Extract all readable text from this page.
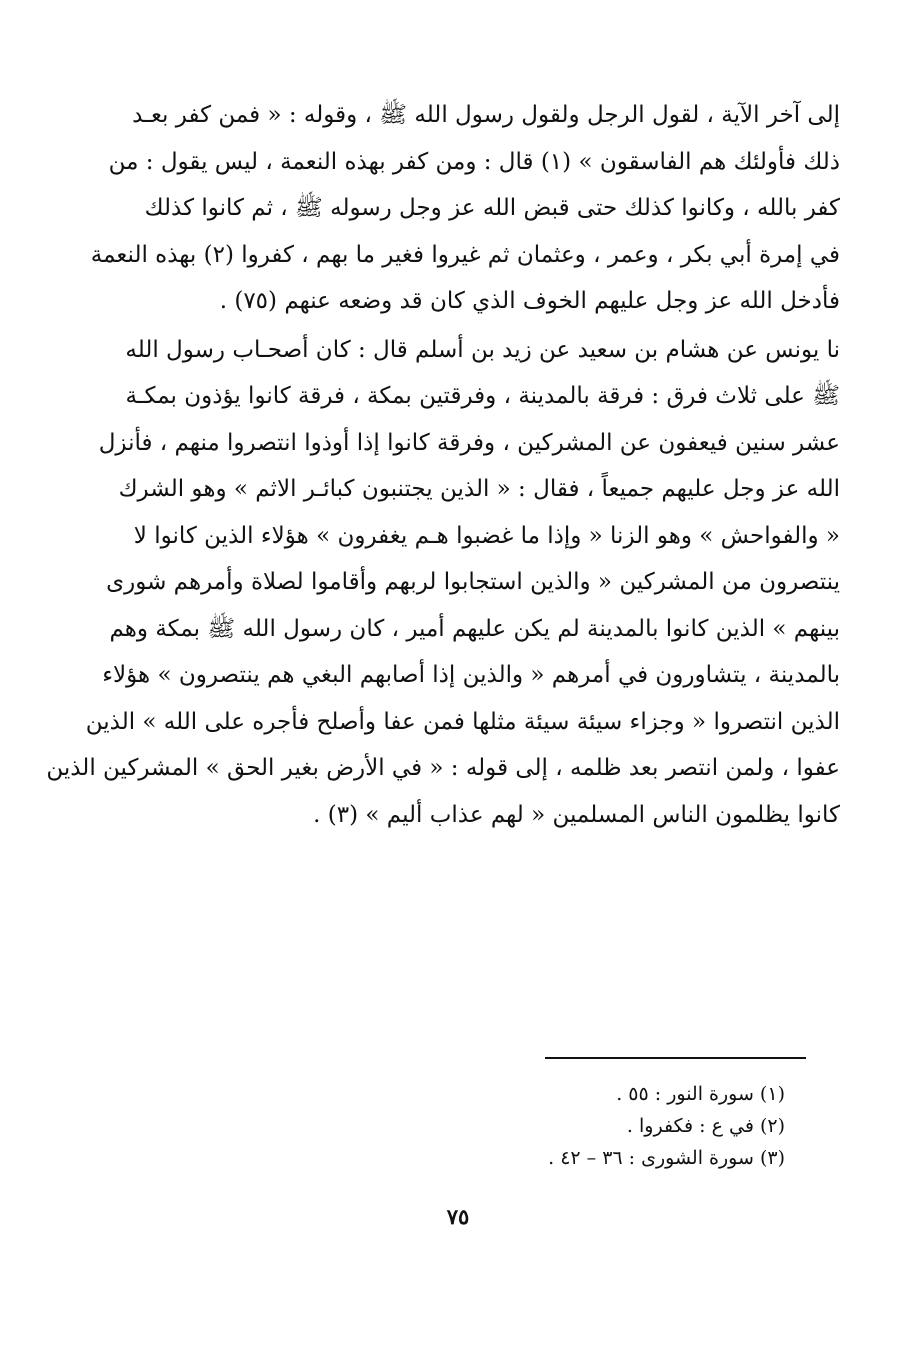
إلى آخر الآية ، لقول الرجل ولقول رسول الله ﷺ ، وقوله : « فمن كفر بعـد
ذلك فأولئك هم الفاسقون » (١) قال : ومن كفر بهذه النعمة ، ليس يقول : من
كفر بالله ، وكانوا كذلك حتى قبض الله عز وجل رسوله ﷺ ، ثم كانوا كذلك
في إمرة أبي بكر ، وعمر ، وعثمان ثم غيروا فغير ما بهم ، كفروا (٢) بهذه النعمة
فأدخل الله عز وجل عليهم الخوف الذي كان قد وضعه عنهم (٧٥) .
نا يونس عن هشام بن سعيد عن زيد بن أسلم قال : كان أصحـاب رسول الله
ﷺ على ثلاث فرق : فرقة بالمدينة ، وفرقتين بمكة ، فرقة كانوا يؤذون بمكـة
عشر سنين فيعفون عن المشركين ، وفرقة كانوا إذا أوذوا انتصروا منهم ، فأنزل
الله عز وجل عليهم جميعاً ، فقال : « الذين يجتنبون كبائـر الاثم » وهو الشرك
« والفواحش » وهو الزنا « وإذا ما غضبوا هـم يغفرون » هؤلاء الذين كانوا لا
ينتصرون من المشركين « والذين استجابوا لربهم وأقاموا لصلاة وأمرهم شورى
بينهم » الذين كانوا بالمدينة لم يكن عليهم أمير ، كان رسول الله ﷺ بمكة وهم
بالمدينة ، يتشاورون في أمرهم « والذين إذا أصابهم البغي هم ينتصرون » هؤلاء
الذين انتصروا « وجزاء سيئة سيئة مثلها فمن عفا وأصلح فأجره على الله » الذين
عفوا ، ولمن انتصر بعد ظلمه ، إلى قوله : « في الأرض بغير الحق » المشركين الذين
كانوا يظلمون الناس المسلمين « لهم عذاب أليم » (٣) .
(١) سورة النور : ٥٥ .
(٢) في ع : فكفروا .
(٣) سورة الشورى : ٣٦ – ٤٢ .
٧٥
